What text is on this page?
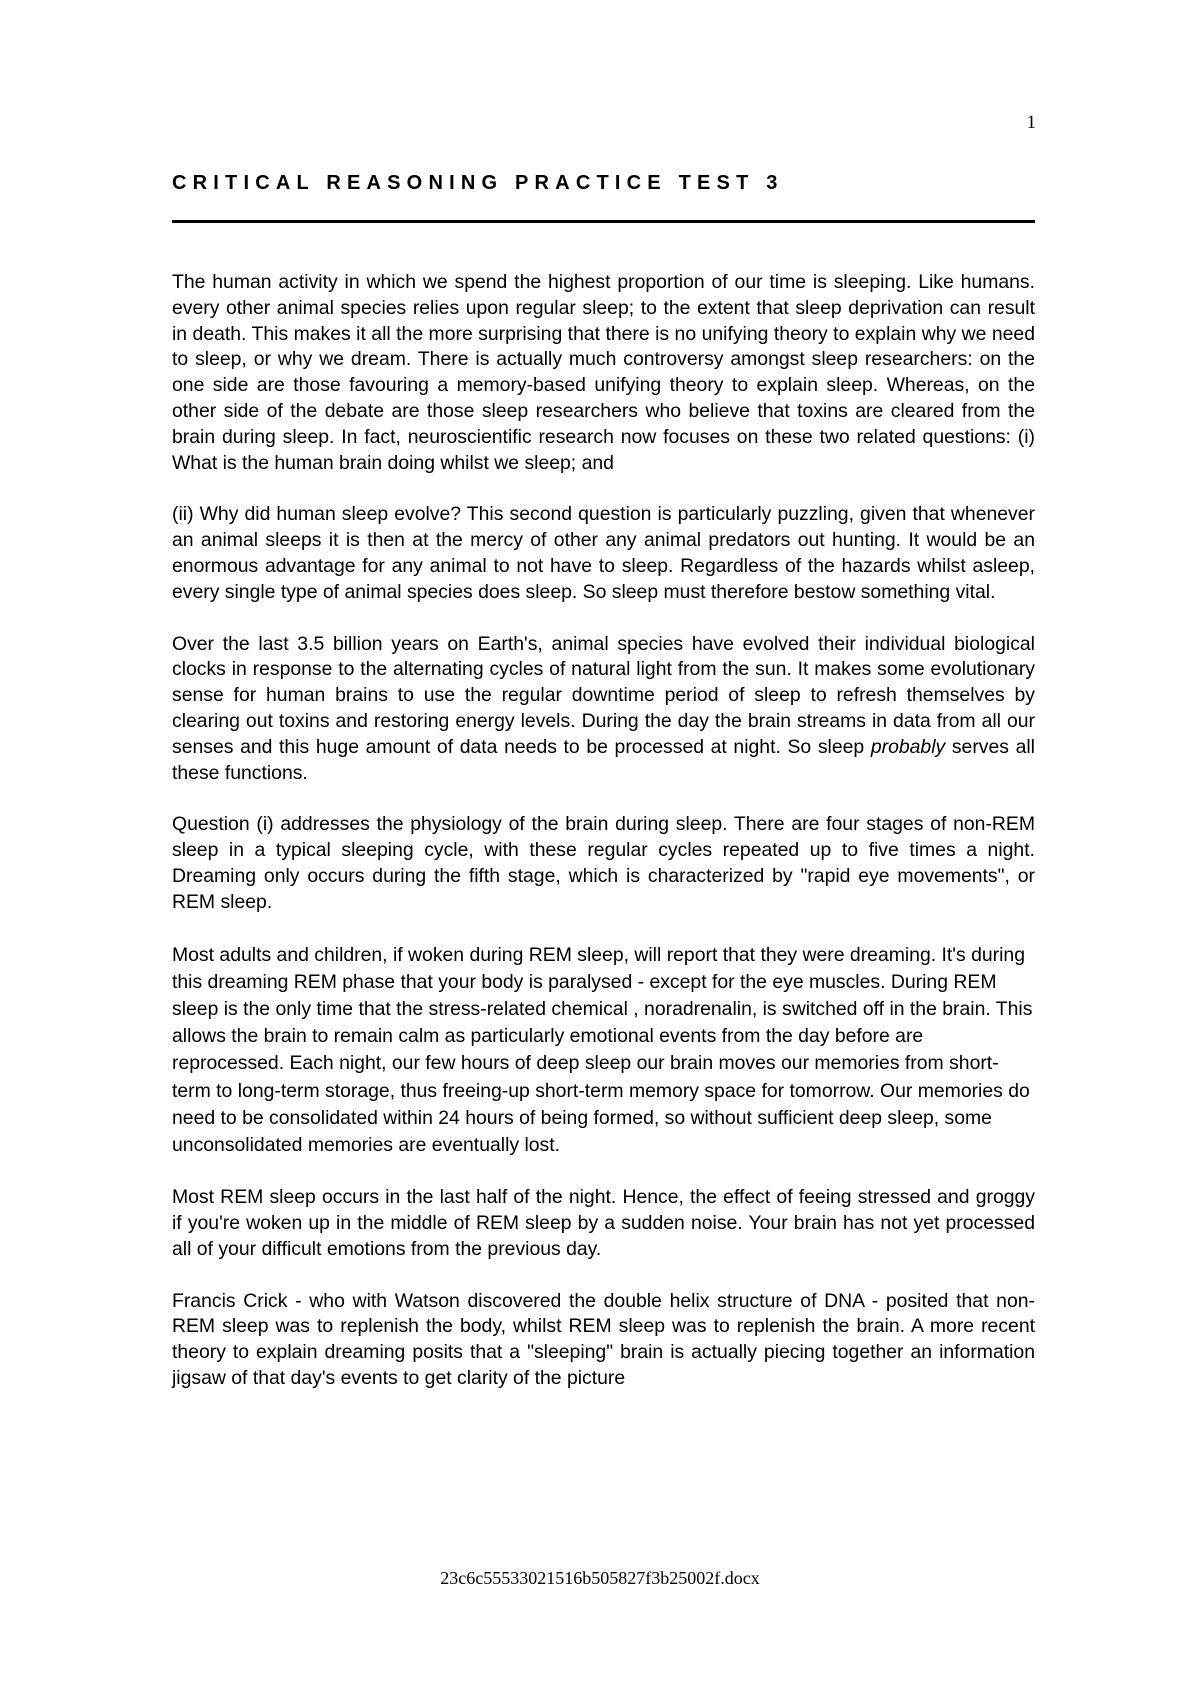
1
CRITICAL REASONING PRACTICE TEST 3

The human activity in which we spend the highest proportion of our time is sleeping. Like humans. every other animal species relies upon regular sleep; to the extent that sleep deprivation can result in death. This makes it all the more surprising that there is no unifying theory to explain why we need to sleep, or why we dream. There is actually much controversy amongst sleep researchers: on the one side are those favouring a memory-based unifying theory to explain sleep. Whereas, on the other side of the debate are those sleep researchers who believe that toxins are cleared from the brain during sleep. In fact, neuroscientific research now focuses on these two related questions: (i) What is the human brain doing whilst we sleep; and

(ii) Why did human sleep evolve? This second question is particularly puzzling, given that whenever an animal sleeps it is then at the mercy of other any animal predators out hunting. It would be an enormous advantage for any animal to not have to sleep. Regardless of the hazards whilst asleep, every single type of animal species does sleep. So sleep must therefore bestow something vital.

Over the last 3.5 billion years on Earth's, animal species have evolved their individual biological clocks in response to the alternating cycles of natural light from the sun. It makes some evolutionary sense for human brains to use the regular downtime period of sleep to refresh themselves by clearing out toxins and restoring energy levels. During the day the brain streams in data from all our senses and this huge amount of data needs to be processed at night. So sleep probably serves all these functions.

Question (i) addresses the physiology of the brain during sleep. There are four stages of non-REM sleep in a typical sleeping cycle, with these regular cycles repeated up to five times a night. Dreaming only occurs during the fifth stage, which is characterized by "rapid eye movements", or REM sleep.

Most adults and children, if woken during REM sleep, will report that they were dreaming. It's during this dreaming REM phase that your body is paralysed - except for the eye muscles. During REM sleep is the only time that the stress-related chemical , noradrenalin, is switched off in the brain. This allows the brain to remain calm as particularly emotional events from the day before are reprocessed. Each night, our few hours of deep sleep our brain moves our memories from short-term to long-term storage, thus freeing-up short-term memory space for tomorrow. Our memories do need to be consolidated within 24 hours of being formed, so without sufficient deep sleep, some unconsolidated memories are eventually lost.

Most REM sleep occurs in the last half of the night. Hence, the effect of feeing stressed and groggy if you're woken up in the middle of REM sleep by a sudden noise. Your brain has not yet processed all of your difficult emotions from the previous day.

Francis Crick - who with Watson discovered the double helix structure of DNA - posited that non-REM sleep was to replenish the body, whilst REM sleep was to replenish the brain. A more recent theory to explain dreaming posits that a "sleeping" brain is actually piecing together an information jigsaw of that day's events to get clarity of the picture

23c6c55533021516b505827f3b25002f.docx
